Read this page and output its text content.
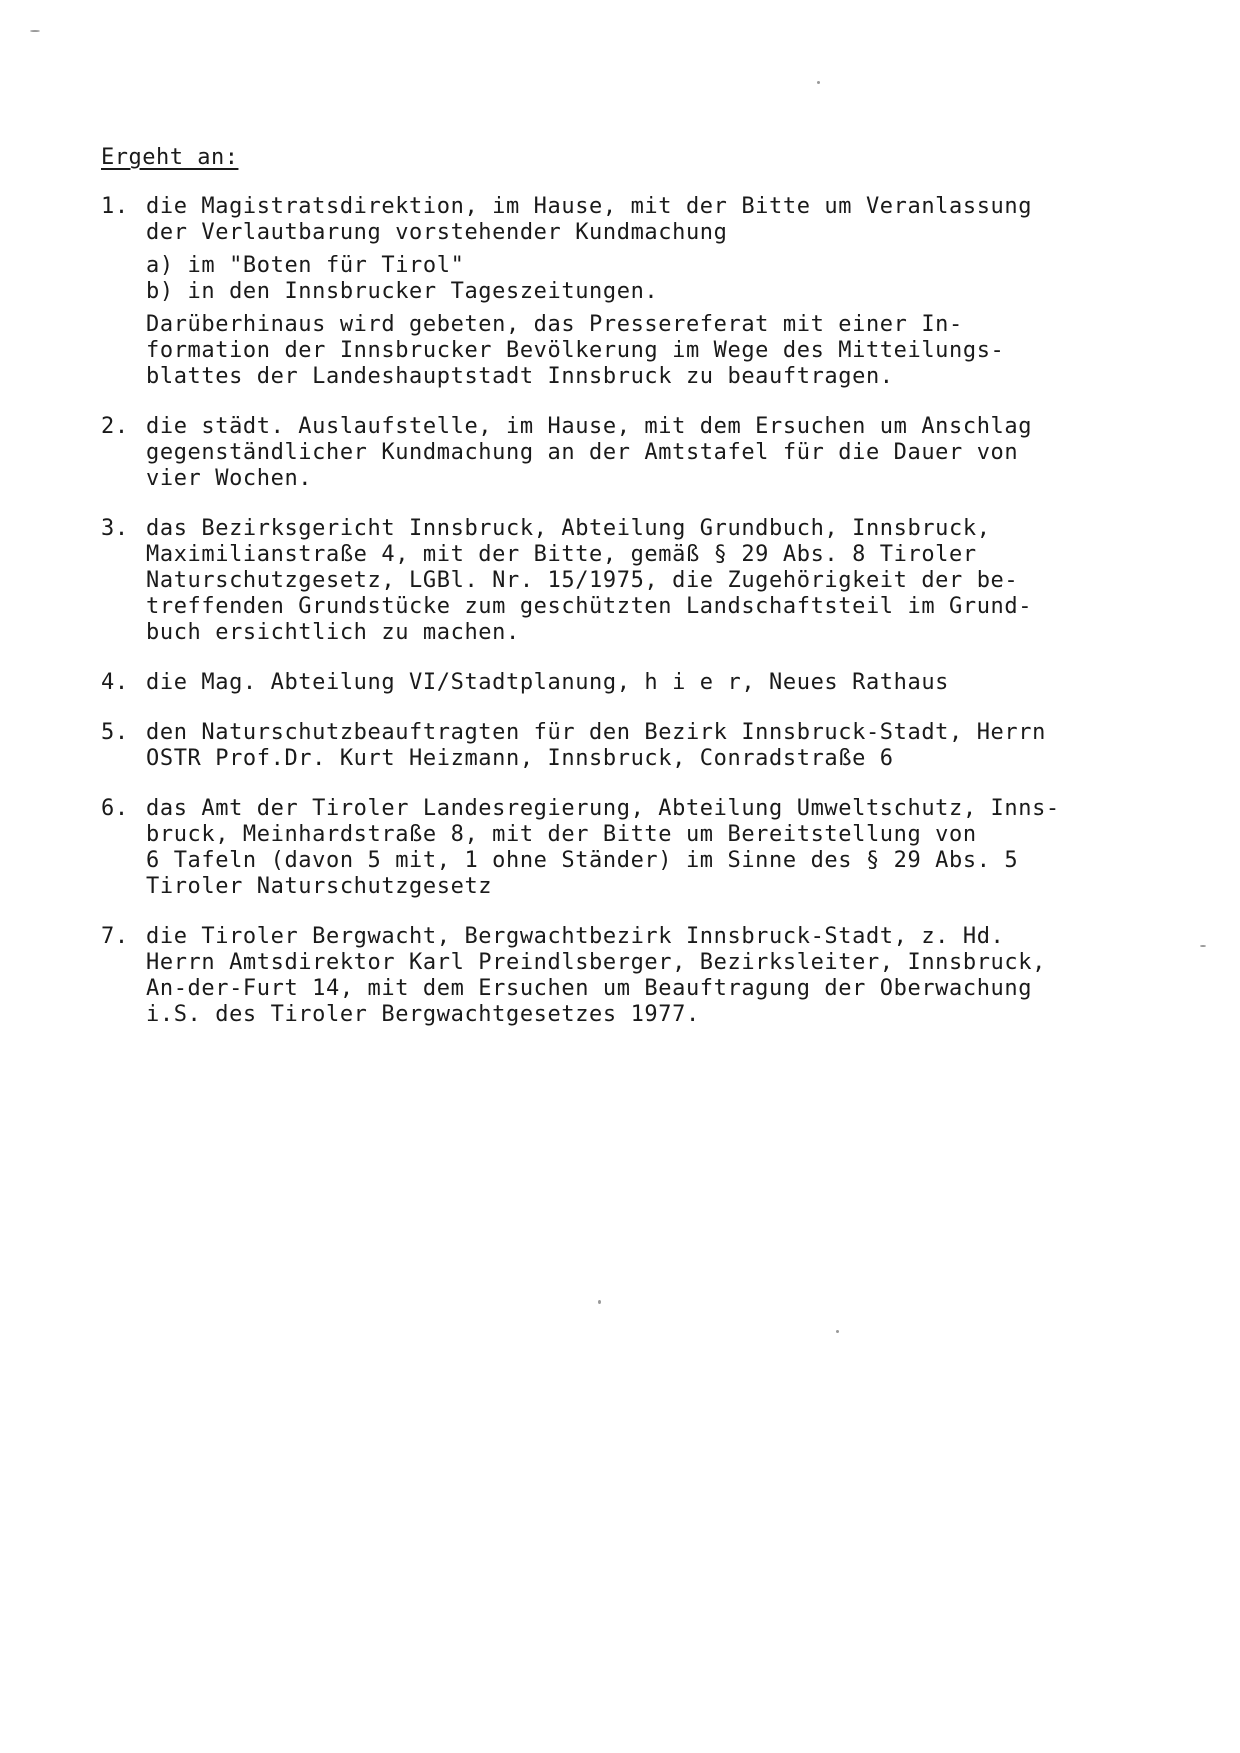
Ergeht an:
1. die Magistratsdirektion, im Hause, mit der Bitte um Veranlassung
der Verlautbarung vorstehender Kundmachung
a) im "Boten für Tirol"
b) in den Innsbrucker Tageszeitungen.
Darüberhinaus wird gebeten, das Pressereferat mit einer In-
formation der Innsbrucker Bevölkerung im Wege des Mitteilungs-
blattes der Landeshauptstadt Innsbruck zu beauftragen.
2. die städt. Auslaufstelle, im Hause, mit dem Ersuchen um Anschlag
gegenständlicher Kundmachung an der Amtstafel für die Dauer von
vier Wochen.
3. das Bezirksgericht Innsbruck, Abteilung Grundbuch, Innsbruck,
Maximilianstraße 4, mit der Bitte, gemäß § 29 Abs. 8 Tiroler
Naturschutzgesetz, LGBl. Nr. 15/1975, die Zugehörigkeit der be-
treffenden Grundstücke zum geschützten Landschaftsteil im Grund-
buch ersichtlich zu machen.
4. die Mag. Abteilung VI/Stadtplanung, h i e r, Neues Rathaus
5. den Naturschutzbeauftragten für den Bezirk Innsbruck-Stadt, Herrn
OSTR Prof.Dr. Kurt Heizmann, Innsbruck, Conradstraße 6
6. das Amt der Tiroler Landesregierung, Abteilung Umweltschutz, Inns-
bruck, Meinhardstraße 8, mit der Bitte um Bereitstellung von
6 Tafeln (davon 5 mit, 1 ohne Ständer) im Sinne des § 29 Abs. 5
Tiroler Naturschutzgesetz
7. die Tiroler Bergwacht, Bergwachtbezirk Innsbruck-Stadt, z. Hd.
Herrn Amtsdirektor Karl Preindlsberger, Bezirksleiter, Innsbruck,
An-der-Furt 14, mit dem Ersuchen um Beauftragung der Oberwachung
i.S. des Tiroler Bergwachtgesetzes 1977.
